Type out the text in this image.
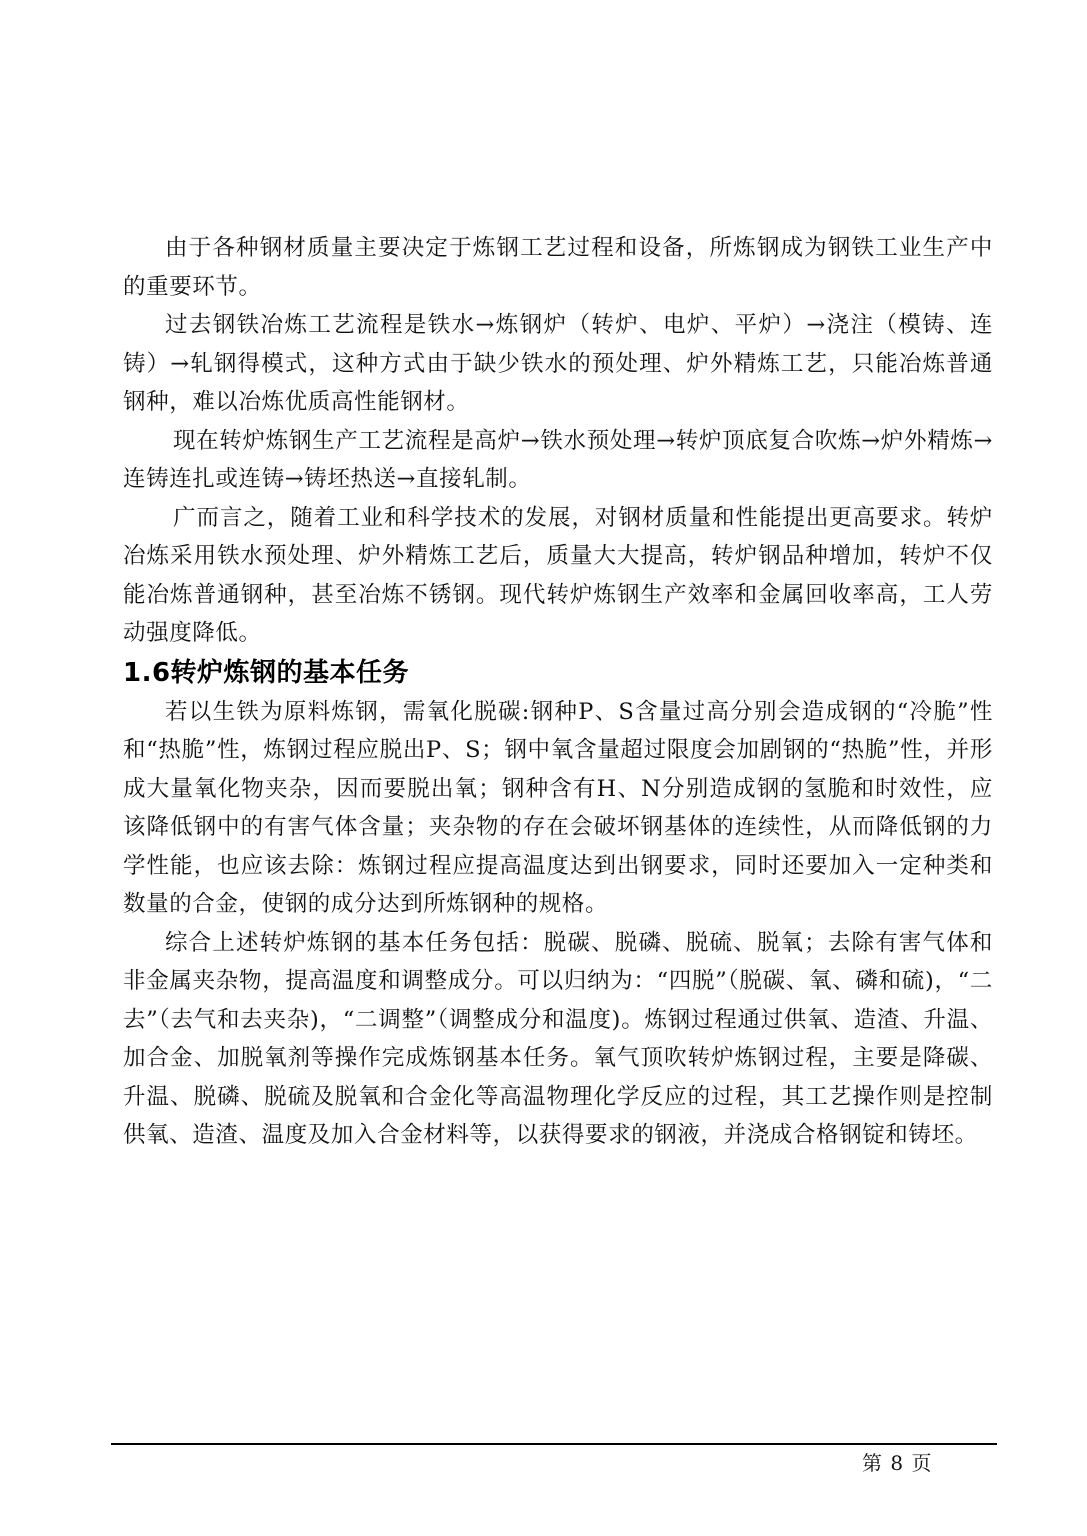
由于各种钢材质量主要决定于炼钢工艺过程和设备，所炼钢成为钢铁工业生产中的重要环节。

过去钢铁冶炼工艺流程是铁水→炼钢炉（转炉、电炉、平炉）→浇注（模铸、连铸）→轧钢得模式，这种方式由于缺少铁水的预处理、炉外精炼工艺，只能冶炼普通钢种，难以冶炼优质高性能钢材。

现在转炉炼钢生产工艺流程是高炉→铁水预处理→转炉顶底复合吹炼→炉外精炼→连铸连扎或连铸→铸坯热送→直接轧制。

广而言之，随着工业和科学技术的发展，对钢材质量和性能提出更高要求。转炉冶炼采用铁水预处理、炉外精炼工艺后，质量大大提高，转炉钢品种增加，转炉不仅能冶炼普通钢种，甚至冶炼不锈钢。现代转炉炼钢生产效率和金属回收率高，工人劳动强度降低。

1.6转炉炼钢的基本任务

若以生铁为原料炼钢，需氧化脱碳:钢种P、S含量过高分别会造成钢的“冷脆”性和“热脆”性，炼钢过程应脱出P、S；钢中氧含量超过限度会加剧钢的“热脆”性，并形成大量氧化物夹杂，因而要脱出氧；钢种含有H、N分别造成钢的氢脆和时效性，应该降低钢中的有害气体含量；夹杂物的存在会破坏钢基体的连续性，从而降低钢的力学性能，也应该去除：炼钢过程应提高温度达到出钢要求，同时还要加入一定种类和数量的合金，使钢的成分达到所炼钢种的规格。

综合上述转炉炼钢的基本任务包括：脱碳、脱磷、脱硫、脱氧；去除有害气体和非金属夹杂物，提高温度和调整成分。可以归纳为：“四脱”（脱碳、氧、磷和硫)，“二去”（去气和去夹杂)，“二调整”（调整成分和温度)。炼钢过程通过供氧、造渣、升温、加合金、加脱氧剂等操作完成炼钢基本任务。氧气顶吹转炉炼钢过程，主要是降碳、升温、脱磷、脱硫及脱氧和合金化等高温物理化学反应的过程，其工艺操作则是控制供氧、造渣、温度及加入合金材料等，以获得要求的钢液，并浇成合格钢锭和铸坯。

第 8 页
